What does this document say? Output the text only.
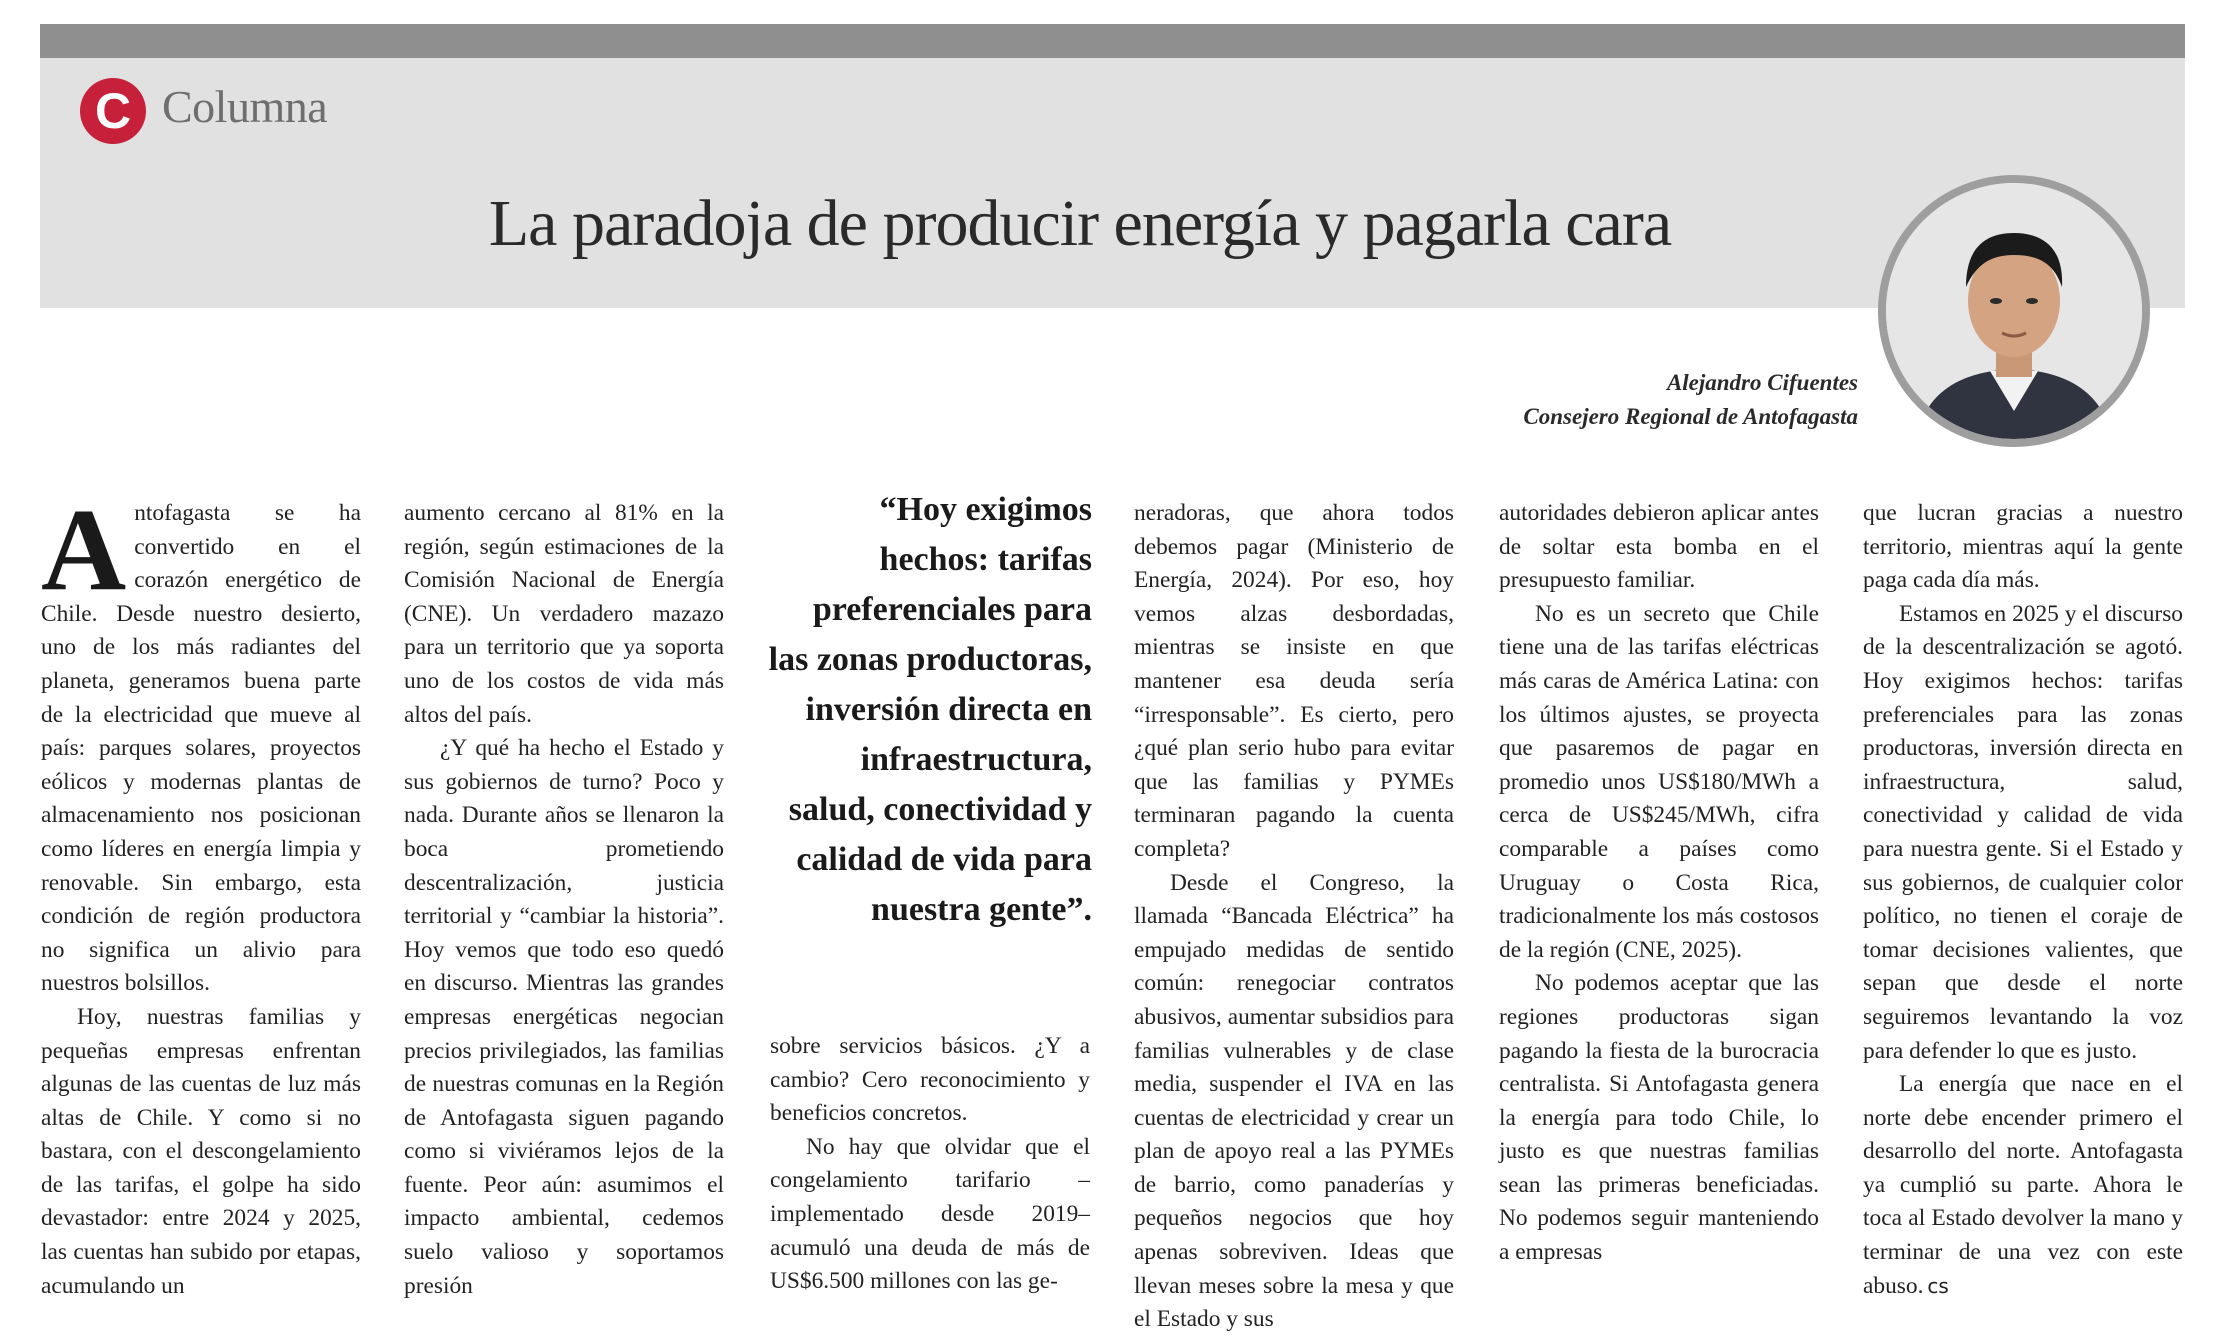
C Columna
La paradoja de producir energía y pagarla cara
Alejandro Cifuentes
Consejero Regional de Antofagasta

Antofagasta se ha convertido en el corazón energético de Chile. Desde nuestro desierto, uno de los más radiantes del planeta, generamos buena parte de la electricidad que mueve al país: parques solares, proyectos eólicos y modernas plantas de almacenamiento nos posicionan como líderes en energía limpia y renovable. Sin embargo, esta condición de región productora no significa un alivio para nuestros bolsillos.

Hoy, nuestras familias y pequeñas empresas enfrentan algunas de las cuentas de luz más altas de Chile. Y como si no bastara, con el descongelamiento de las tarifas, el golpe ha sido devastador: entre 2024 y 2025, las cuentas han subido por etapas, acumulando un

aumento cercano al 81% en la región, según estimaciones de la Comisión Nacional de Energía (CNE). Un verdadero mazazo para un territorio que ya soporta uno de los costos de vida más altos del país.

¿Y qué ha hecho el Estado y sus gobiernos de turno? Poco y nada. Durante años se llenaron la boca prometiendo descentralización, justicia territorial y “cambiar la historia”. Hoy vemos que todo eso quedó en discurso. Mientras las grandes empresas energéticas negocian precios privilegiados, las familias de nuestras comunas en la Región de Antofagasta siguen pagando como si viviéramos lejos de la fuente. Peor aún: asumimos el impacto ambiental, cedemos suelo valioso y soportamos presión

“Hoy exigimos hechos: tarifas preferenciales para las zonas productoras, inversión directa en infraestructura, salud, conectividad y calidad de vida para nuestra gente”.

sobre servicios básicos. ¿Y a cambio? Cero reconocimiento y beneficios concretos.

No hay que olvidar que el congelamiento tarifario –implementado desde 2019– acumuló una deuda de más de US$6.500 millones con las ge-

neradoras, que ahora todos debemos pagar (Ministerio de Energía, 2024). Por eso, hoy vemos alzas desbordadas, mientras se insiste en que mantener esa deuda sería “irresponsable”. Es cierto, pero ¿qué plan serio hubo para evitar que las familias y PYMEs terminaran pagando la cuenta completa?

Desde el Congreso, la llamada “Bancada Eléctrica” ha empujado medidas de sentido común: renegociar contratos abusivos, aumentar subsidios para familias vulnerables y de clase media, suspender el IVA en las cuentas de electricidad y crear un plan de apoyo real a las PYMEs de barrio, como panaderías y pequeños negocios que hoy apenas sobreviven. Ideas que llevan meses sobre la mesa y que el Estado y sus

autoridades debieron aplicar antes de soltar esta bomba en el presupuesto familiar.

No es un secreto que Chile tiene una de las tarifas eléctricas más caras de América Latina: con los últimos ajustes, se proyecta que pasaremos de pagar en promedio unos US$180/MWh a cerca de US$245/MWh, cifra comparable a países como Uruguay o Costa Rica, tradicionalmente los más costosos de la región (CNE, 2025).

No podemos aceptar que las regiones productoras sigan pagando la fiesta de la burocracia centralista. Si Antofagasta genera la energía para todo Chile, lo justo es que nuestras familias sean las primeras beneficiadas. No podemos seguir manteniendo a empresas

que lucran gracias a nuestro territorio, mientras aquí la gente paga cada día más.

Estamos en 2025 y el discurso de la descentralización se agotó. Hoy exigimos hechos: tarifas preferenciales para las zonas productoras, inversión directa en infraestructura, salud, conectividad y calidad de vida para nuestra gente. Si el Estado y sus gobiernos, de cualquier color político, no tienen el coraje de tomar decisiones valientes, que sepan que desde el norte seguiremos levantando la voz para defender lo que es justo.

La energía que nace en el norte debe encender primero el desarrollo del norte. Antofagasta ya cumplió su parte. Ahora le toca al Estado devolver la mano y terminar de una vez con este abuso. cs
